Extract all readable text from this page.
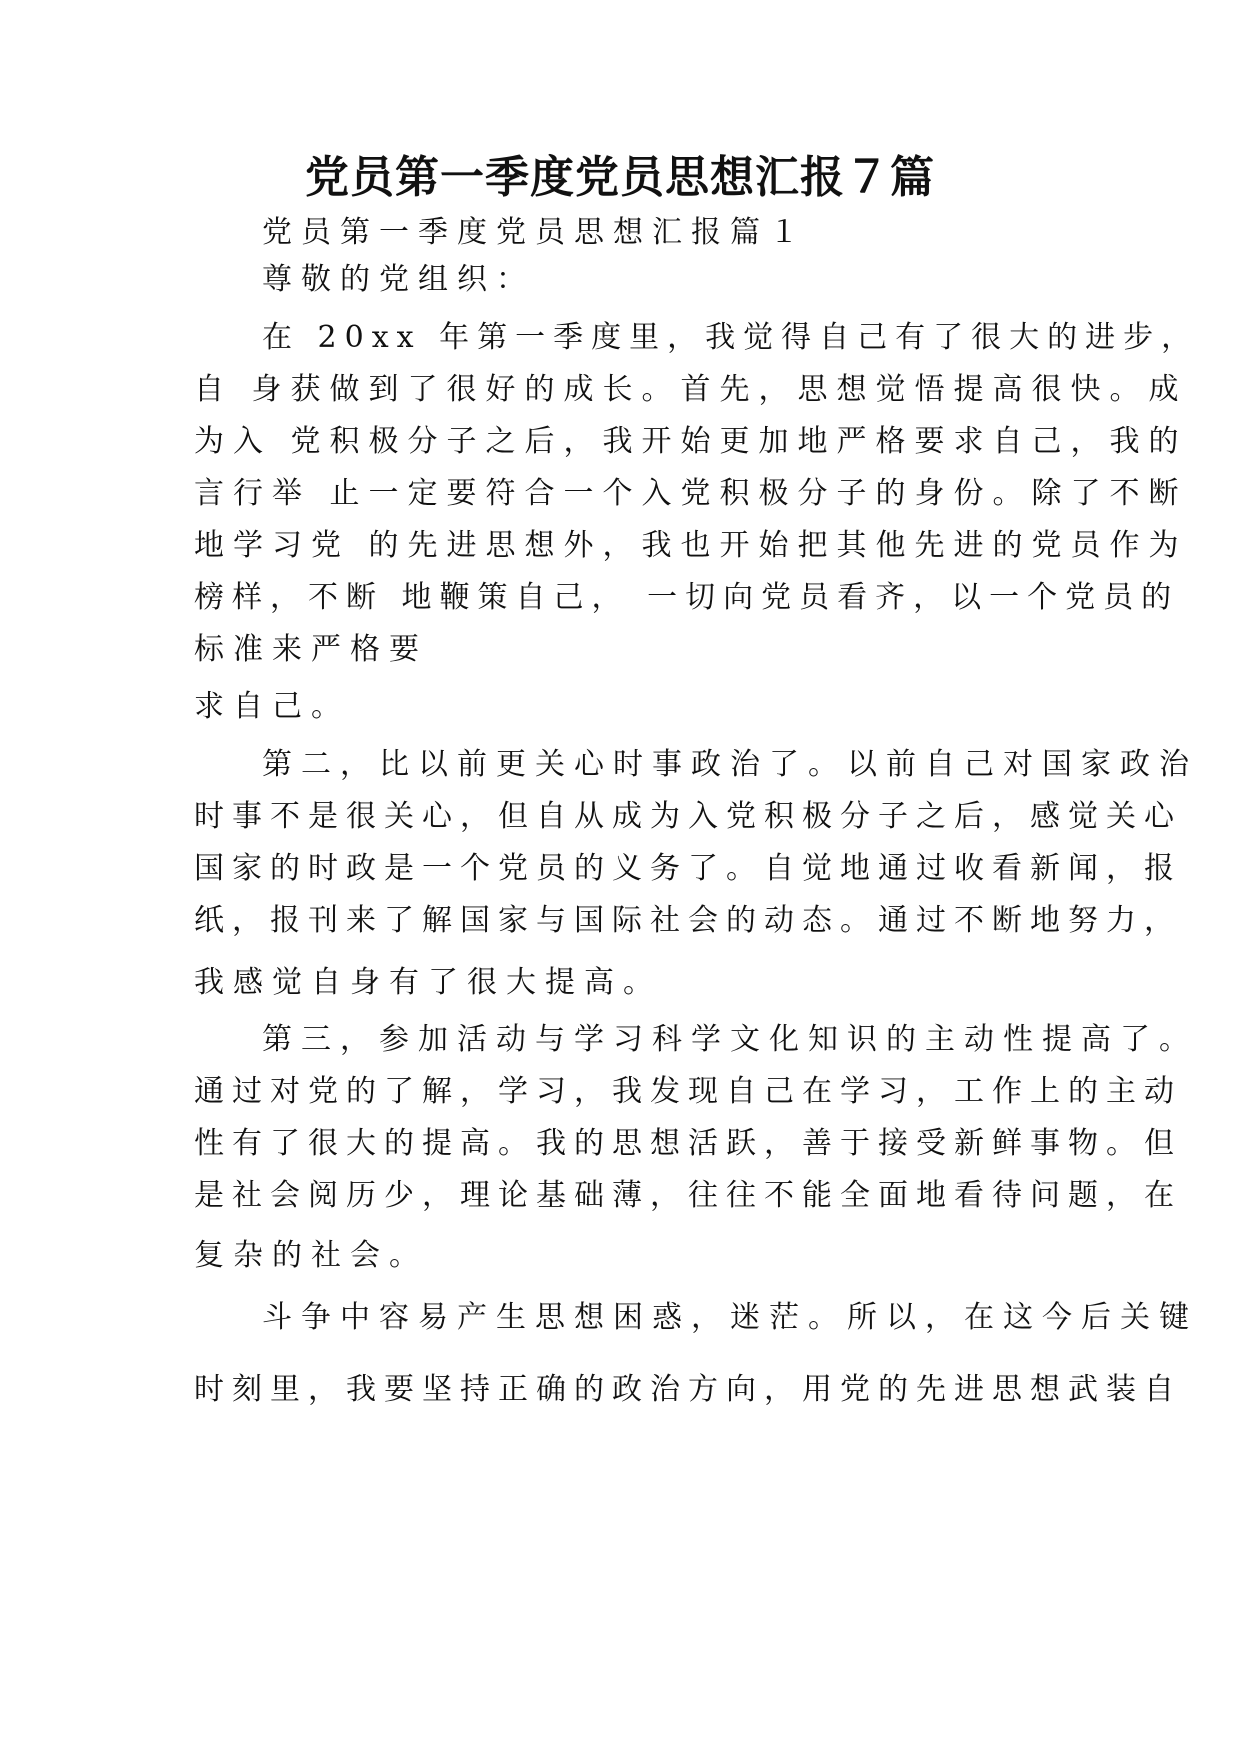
党员第一季度党员思想汇报７篇

党员第一季度党员思想汇报篇１

尊敬的党组织：

在 20xx 年第一季度里，我觉得自己有了很大的进步，

自 身获做到了很好的成长。首先，思想觉悟提高很快。成

为入 党积极分子之后，我开始更加地严格要求自己，我的

言行举 止一定要符合一个入党积极分子的身份。除了不断

地学习党 的先进思想外，我也开始把其他先进的党员作为

榜样，不断 地鞭策自己， 一切向党员看齐，以一个党员的

标准来严格要

求自己。

第二，比以前更关心时事政治了。以前自己对国家政治

时事不是很关心，但自从成为入党积极分子之后，感觉关心

国家的时政是一个党员的义务了。自觉地通过收看新闻，报

纸，报刊来了解国家与国际社会的动态。通过不断地努力，

我感觉自身有了很大提高。

第三，参加活动与学习科学文化知识的主动性提高了。

通过对党的了解，学习，我发现自己在学习，工作上的主动

性有了很大的提高。我的思想活跃，善于接受新鲜事物。但

是社会阅历少，理论基础薄，往往不能全面地看待问题，在

复杂的社会。

斗争中容易产生思想困惑，迷茫。所以，在这今后关键

时刻里，我要坚持正确的政治方向，用党的先进思想武装自
